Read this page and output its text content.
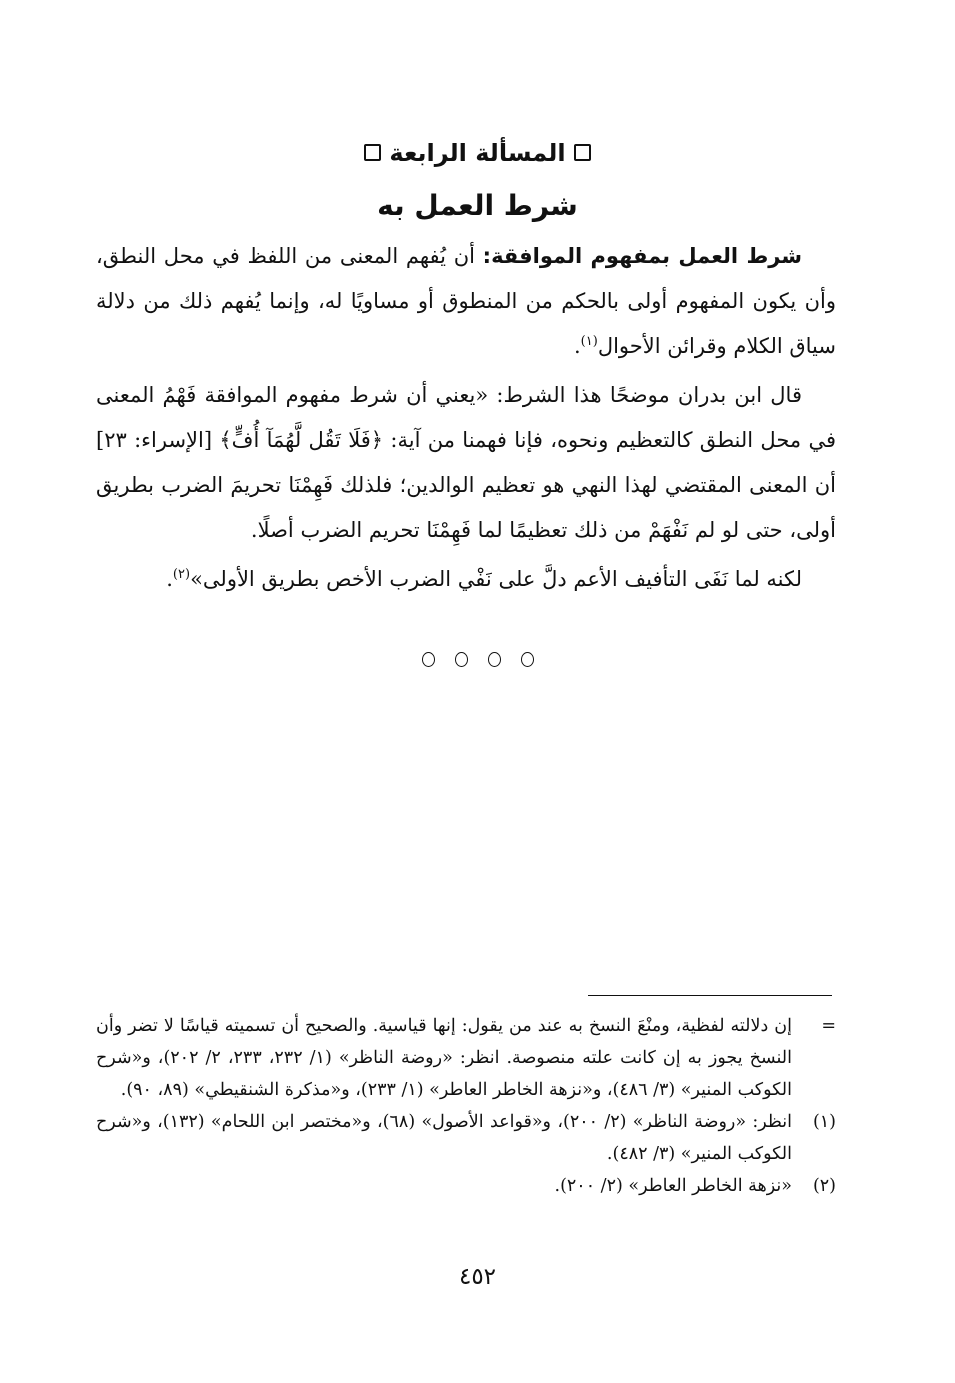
المسألة الرابعة
شرط العمل به

شرط العمل بمفهوم الموافقة: أن يُفهم المعنى من اللفظ في محل النطق، وأن يكون المفهوم أولى بالحكم من المنطوق أو مساويًا له، وإنما يُفهم ذلك من دلالة سياق الكلام وقرائن الأحوال$^{(١)}$.

قال ابن بدران موضحًا هذا الشرط: «يعني أن شرط مفهوم الموافقة فَهْمُ المعنى في محل النطق كالتعظيم ونحوه، فإنا فهمنا من آية: ﴿فَلَا تَقُل لَّهُمَآ أُفٍّ﴾ [الإسراء: ٢٣] أن المعنى المقتضي لهذا النهي هو تعظيم الوالدين؛ فلذلك فَهِمْنَا تحريمَ الضرب بطريق أولى، حتى لو لم نَفْهَمْ من ذلك تعظيمًا لما فَهِمْنَا تحريم الضرب أصلًا.

لكنه لما نَفَى التأفيف الأعم دلَّ على نَفْي الضرب الأخص بطريق الأولى»$^{(٢)}$.

=
إن دلالته لفظية، ومنْعَ النسخ به عند من يقول: إنها قياسية. والصحيح أن تسميته قياسًا لا تضر وأن النسخ يجوز به إن كانت علته منصوصة. انظر: «روضة الناظر» (١/ ٢٣٢، ٢٣٣، ٢/ ٢٠٢)، و«شرح الكوكب المنير» (٣/ ٤٨٦)، و«نزهة الخاطر العاطر» (١/ ٢٣٣)، و«مذكرة الشنقيطي» (٨٩، ٩٠).
(١)
انظر: «روضة الناظر» (٢/ ٢٠٠)، و«قواعد الأصول» (٦٨)، و«مختصر ابن اللحام» (١٣٢)، و«شرح الكوكب المنير» (٣/ ٤٨٢).
(٢)
«نزهة الخاطر العاطر» (٢/ ٢٠٠).
٤٥٢
